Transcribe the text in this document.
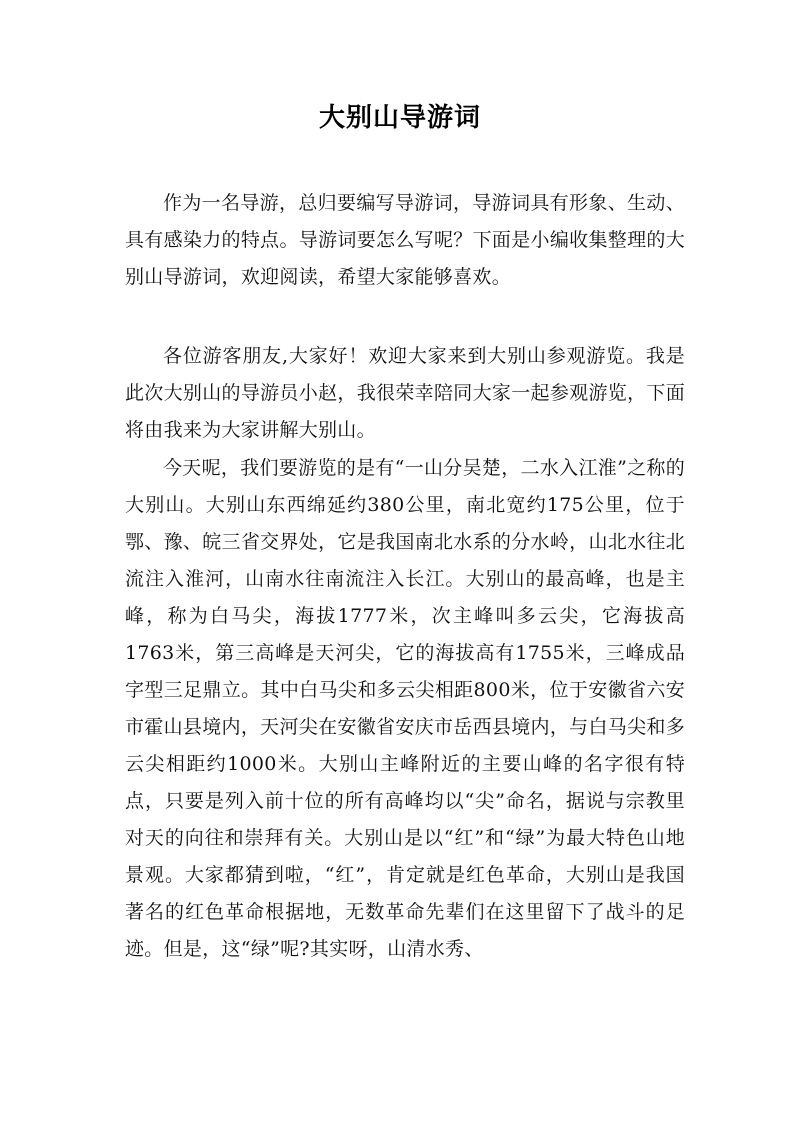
大别山导游词

作为一名导游，总归要编写导游词，导游词具有形象、生动、具有感染力的特点。导游词要怎么写呢？下面是小编收集整理的大别山导游词，欢迎阅读，希望大家能够喜欢。

各位游客朋友,大家好！欢迎大家来到大别山参观游览。我是此次大别山的导游员小赵，我很荣幸陪同大家一起参观游览，下面将由我来为大家讲解大别山。

今天呢，我们要游览的是有“一山分吴楚，二水入江淮”之称的大别山。大别山东西绵延约380公里，南北宽约175公里，位于鄂、豫、皖三省交界处，它是我国南北水系的分水岭，山北水往北流注入淮河，山南水往南流注入长江。大别山的最高峰，也是主峰，称为白马尖，海拔1777米，次主峰叫多云尖，它海拔高1763米，第三高峰是天河尖，它的海拔高有1755米，三峰成品字型三足鼎立。其中白马尖和多云尖相距800米，位于安徽省六安市霍山县境内，天河尖在安徽省安庆市岳西县境内，与白马尖和多云尖相距约1000米。大别山主峰附近的主要山峰的名字很有特点，只要是列入前十位的所有高峰均以“尖”命名，据说与宗教里对天的向往和崇拜有关。大别山是以“红”和“绿”为最大特色山地景观。大家都猜到啦，“红”，肯定就是红色革命，大别山是我国著名的红色革命根据地，无数革命先辈们在这里留下了战斗的足迹。但是，这“绿”呢?其实呀，山清水秀、
